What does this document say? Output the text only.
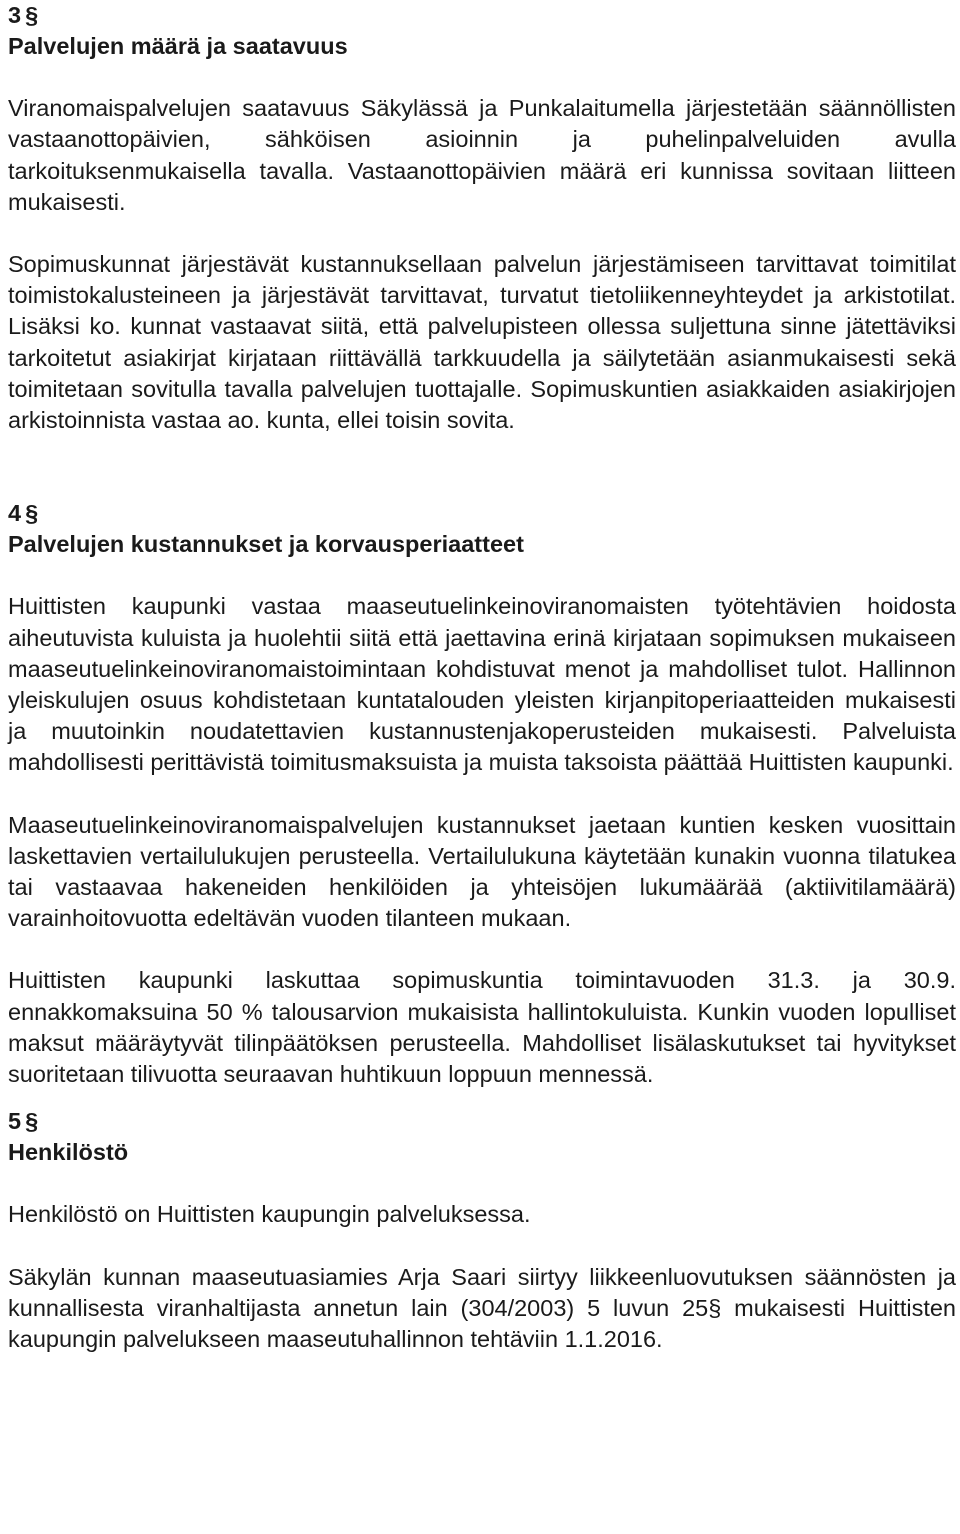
3 §
Palvelujen määrä ja saatavuus

Viranomaispalvelujen saatavuus Säkylässä ja Punkalaitumella järjestetään säännöllisten vastaanottopäivien, sähköisen asioinnin ja puhelinpalveluiden avulla tarkoituksenmukaisella tavalla. Vastaanottopäivien määrä eri kunnissa sovitaan liitteen mukaisesti.

Sopimuskunnat järjestävät kustannuksellaan palvelun järjestämiseen tarvittavat toimitilat toimistokalusteineen ja järjestävät tarvittavat, turvatut tietoliikenneyhteydet ja arkistotilat. Lisäksi ko. kunnat vastaavat siitä, että palvelupisteen ollessa suljettuna sinne jätettäviksi tarkoitetut asiakirjat kirjataan riittävällä tarkkuudella ja säilytetään asianmukaisesti sekä toimitetaan sovitulla tavalla palvelujen tuottajalle. Sopimuskuntien asiakkaiden asiakirjojen arkistoinnista vastaa ao. kunta, ellei toisin sovita.

4 §
Palvelujen kustannukset ja korvausperiaatteet

Huittisten kaupunki vastaa maaseutuelinkeinoviranomaisten työtehtävien hoidosta aiheutuvista kuluista ja huolehtii siitä että jaettavina erinä kirjataan sopimuksen mukaiseen maaseutuelinkeinoviranomaistoimintaan kohdistuvat menot ja mahdolliset tulot. Hallinnon yleiskulujen osuus kohdistetaan kuntatalouden yleisten kirjanpitoperiaatteiden mukaisesti ja muutoinkin noudatettavien kustannustenjakoperusteiden mukaisesti. Palveluista mahdollisesti perittävistä toimitusmaksuista ja muista taksoista päättää Huittisten kaupunki.

Maaseutuelinkeinoviranomaispalvelujen kustannukset jaetaan kuntien kesken vuosittain laskettavien vertailulukujen perusteella. Vertailulukuna käytetään kunakin vuonna tilatukea tai vastaavaa hakeneiden henkilöiden ja yhteisöjen lukumäärää (aktiivitilamäärä) varainhoitovuotta edeltävän vuoden tilanteen mukaan.

Huittisten kaupunki laskuttaa sopimuskuntia toimintavuoden 31.3. ja 30.9. ennakkomaksuina 50 % talousarvion mukaisista hallintokuluista. Kunkin vuoden lopulliset maksut määräytyvät tilinpäätöksen perusteella. Mahdolliset lisälaskutukset tai hyvitykset suoritetaan tilivuotta seuraavan huhtikuun loppuun mennessä.

5 §
Henkilöstö

Henkilöstö on Huittisten kaupungin palveluksessa.

Säkylän kunnan maaseutuasiamies Arja Saari siirtyy liikkeenluovutuksen säännösten ja kunnallisesta viranhaltijasta annetun lain (304/2003) 5 luvun 25§ mukaisesti Huittisten kaupungin palvelukseen maaseutuhallinnon tehtäviin 1.1.2016.
